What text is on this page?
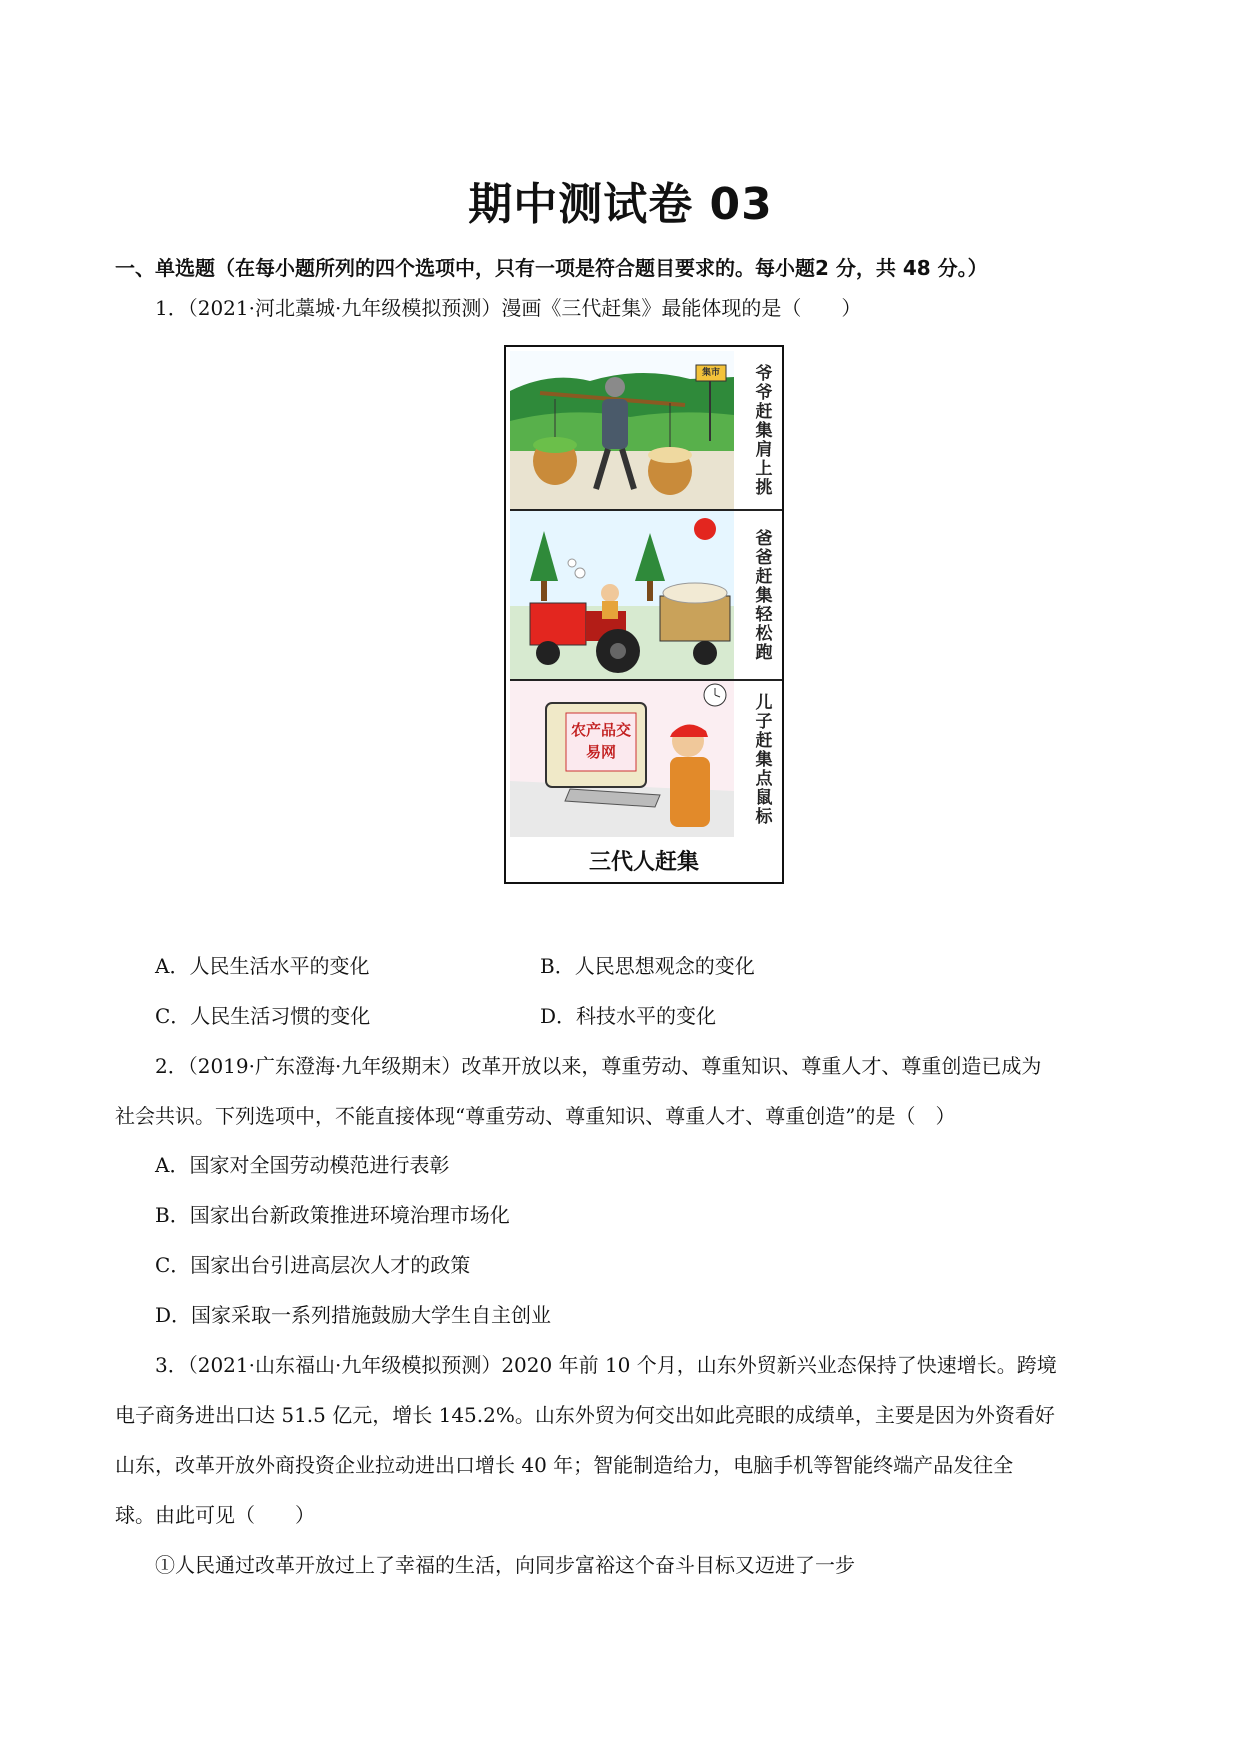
期中测试卷 03
一、单选题（在每小题所列的四个选项中，只有一项是符合题目要求的。每小题2 分，共 48 分。）
1．（2021·河北藁城·九年级模拟预测）漫画《三代赶集》最能体现的是（　　）
爷爷赶集肩上挑
集市
爸爸赶集轻松跑
农产品交易网	儿子赶集点鼠标
三代人赶集
A．人民生活水平的变化	B．人民思想观念的变化
C．人民生活习惯的变化	D．科技水平的变化
2．（2019·广东澄海·九年级期末）改革开放以来，尊重劳动、尊重知识、尊重人才、尊重创造已成为
社会共识。下列选项中，不能直接体现“尊重劳动、尊重知识、尊重人才、尊重创造”的是（　）
A．国家对全国劳动模范进行表彰
B．国家出台新政策推进环境治理市场化
C．国家出台引进高层次人才的政策
D．国家采取一系列措施鼓励大学生自主创业
3．（2021·山东福山·九年级模拟预测）2020 年前 10 个月，山东外贸新兴业态保持了快速增长。跨境
电子商务进出口达 51.5 亿元，增长 145.2%。山东外贸为何交出如此亮眼的成绩单，主要是因为外资看好
山东，改革开放外商投资企业拉动进出口增长 40 年；智能制造给力，电脑手机等智能终端产品发往全
球。由此可见（　　）
①人民通过改革开放过上了幸福的生活，向同步富裕这个奋斗目标又迈进了一步
